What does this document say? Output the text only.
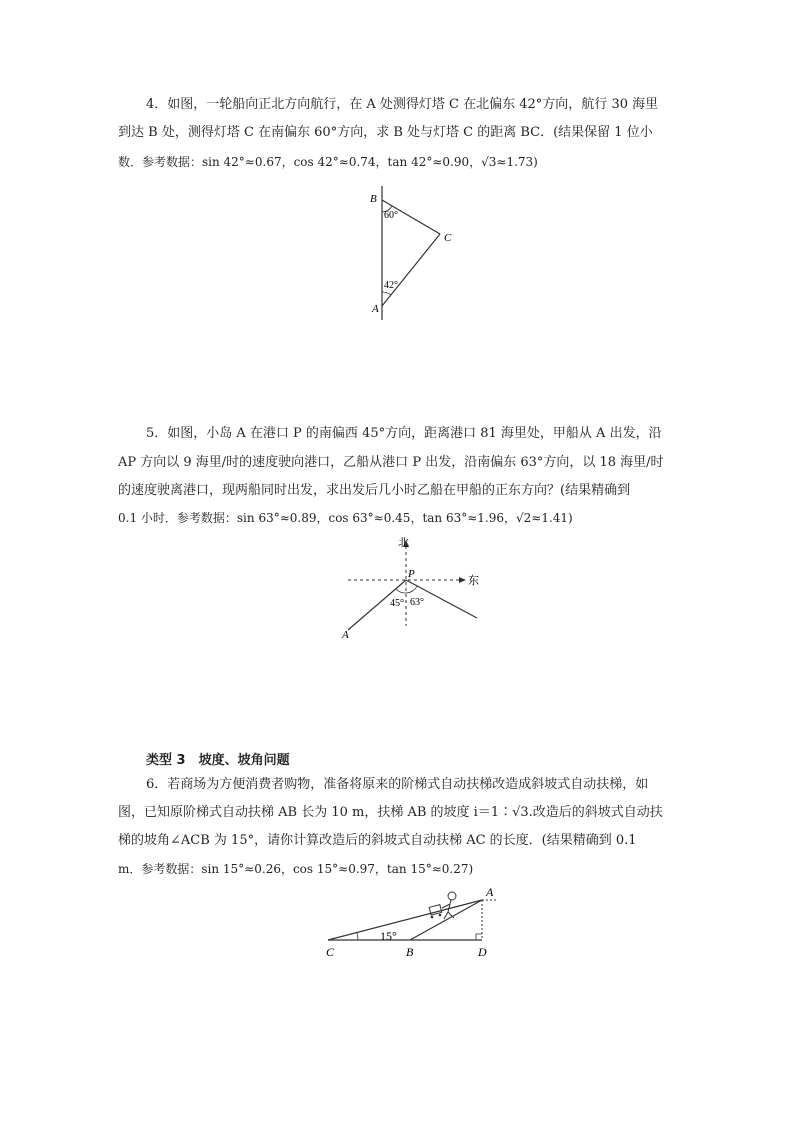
4．如图，一轮船向正北方向航行，在 A 处测得灯塔 C 在北偏东 42°方向，航行 30 海里
到达 B 处，测得灯塔 C 在南偏东 60°方向，求 B 处与灯塔 C 的距离 BC．(结果保留 1 位小
数．参考数据：sin 42°≈0.67，cos 42°≈0.74，tan 42°≈0.90，√3≈1.73)
B
60°
C
42°
A
5．如图，小岛 A 在港口 P 的南偏西 45°方向，距离港口 81 海里处，甲船从 A 出发，沿
AP 方向以 9 海里/时的速度驶向港口，乙船从港口 P 出发，沿南偏东 63°方向，以 18 海里/时
的速度驶离港口，现两船同时出发，求出发后几小时乙船在甲船的正东方向？(结果精确到
0.1 小时．参考数据：sin 63°≈0.89，cos 63°≈0.45，tan 63°≈1.96，√2≈1.41)
北
东
P
45° 63°
A
类型 3　坡度、坡角问题
6．若商场为方便消费者购物，准备将原来的阶梯式自动扶梯改造成斜坡式自动扶梯，如
图，已知原阶梯式自动扶梯 AB 长为 10 m，扶梯 AB 的坡度 i＝1∶√3.改造后的斜坡式自动扶
梯的坡角∠ACB 为 15°，请你计算改造后的斜坡式自动扶梯 AC 的长度．(结果精确到 0.1
m．参考数据：sin 15°≈0.26，cos 15°≈0.97，tan 15°≈0.27)
A
C	B	D
15°
